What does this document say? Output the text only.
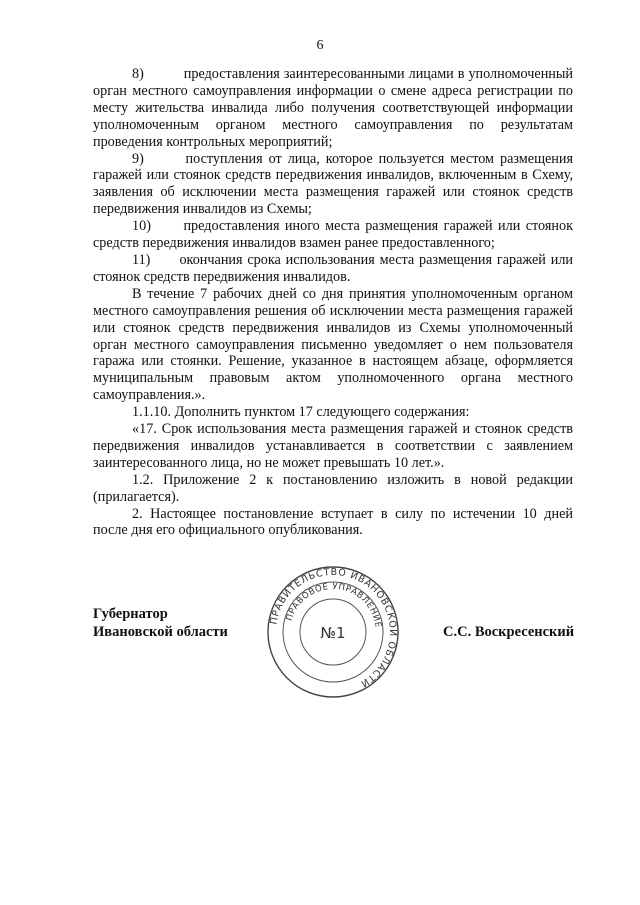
6

8)          предоставления заинтересованными лицами в уполномоченный орган местного самоуправления информации о смене адреса регистрации по месту жительства инвалида либо получения соответствующей информации уполномоченным органом местного самоуправления по результатам проведения контрольных мероприятий;

9)       поступления от лица, которое пользуется местом размещения гаражей или стоянок средств передвижения инвалидов, включенным в Схему, заявления об исключении места размещения гаражей или стоянок средств передвижения инвалидов из Схемы;

10)      предоставления иного места размещения гаражей или стоянок средств передвижения инвалидов взамен ранее предоставленного;

11)      окончания срока использования места размещения гаражей или стоянок средств передвижения инвалидов.

В течение 7 рабочих дней со дня принятия уполномоченным органом местного самоуправления решения об исключении места размещения гаражей или стоянок средств передвижения инвалидов из Схемы уполномоченный орган местного самоуправления письменно уведомляет о нем пользователя гаража или стоянки. Решение, указанное в настоящем абзаце, оформляется муниципальным правовым актом уполномоченного органа местного самоуправления.».

1.1.10. Дополнить пунктом 17 следующего содержания:

«17. Срок использования места размещения гаражей и стоянок средств передвижения инвалидов устанавливается в соответствии с заявлением заинтересованного лица, но не может превышать 10 лет.».

1.2. Приложение 2 к постановлению изложить в новой редакции (прилагается).

2. Настоящее постановление вступает в силу по истечении 10 дней после дня его официального опубликования.

Губернатор
Ивановской области	С.С. Воскресенский
ПРАВИТЕЛЬСТВО ИВАНОВСКОЙ ОБЛАСТИ
ПРАВОВОЕ УПРАВЛЕНИЕ
№1
